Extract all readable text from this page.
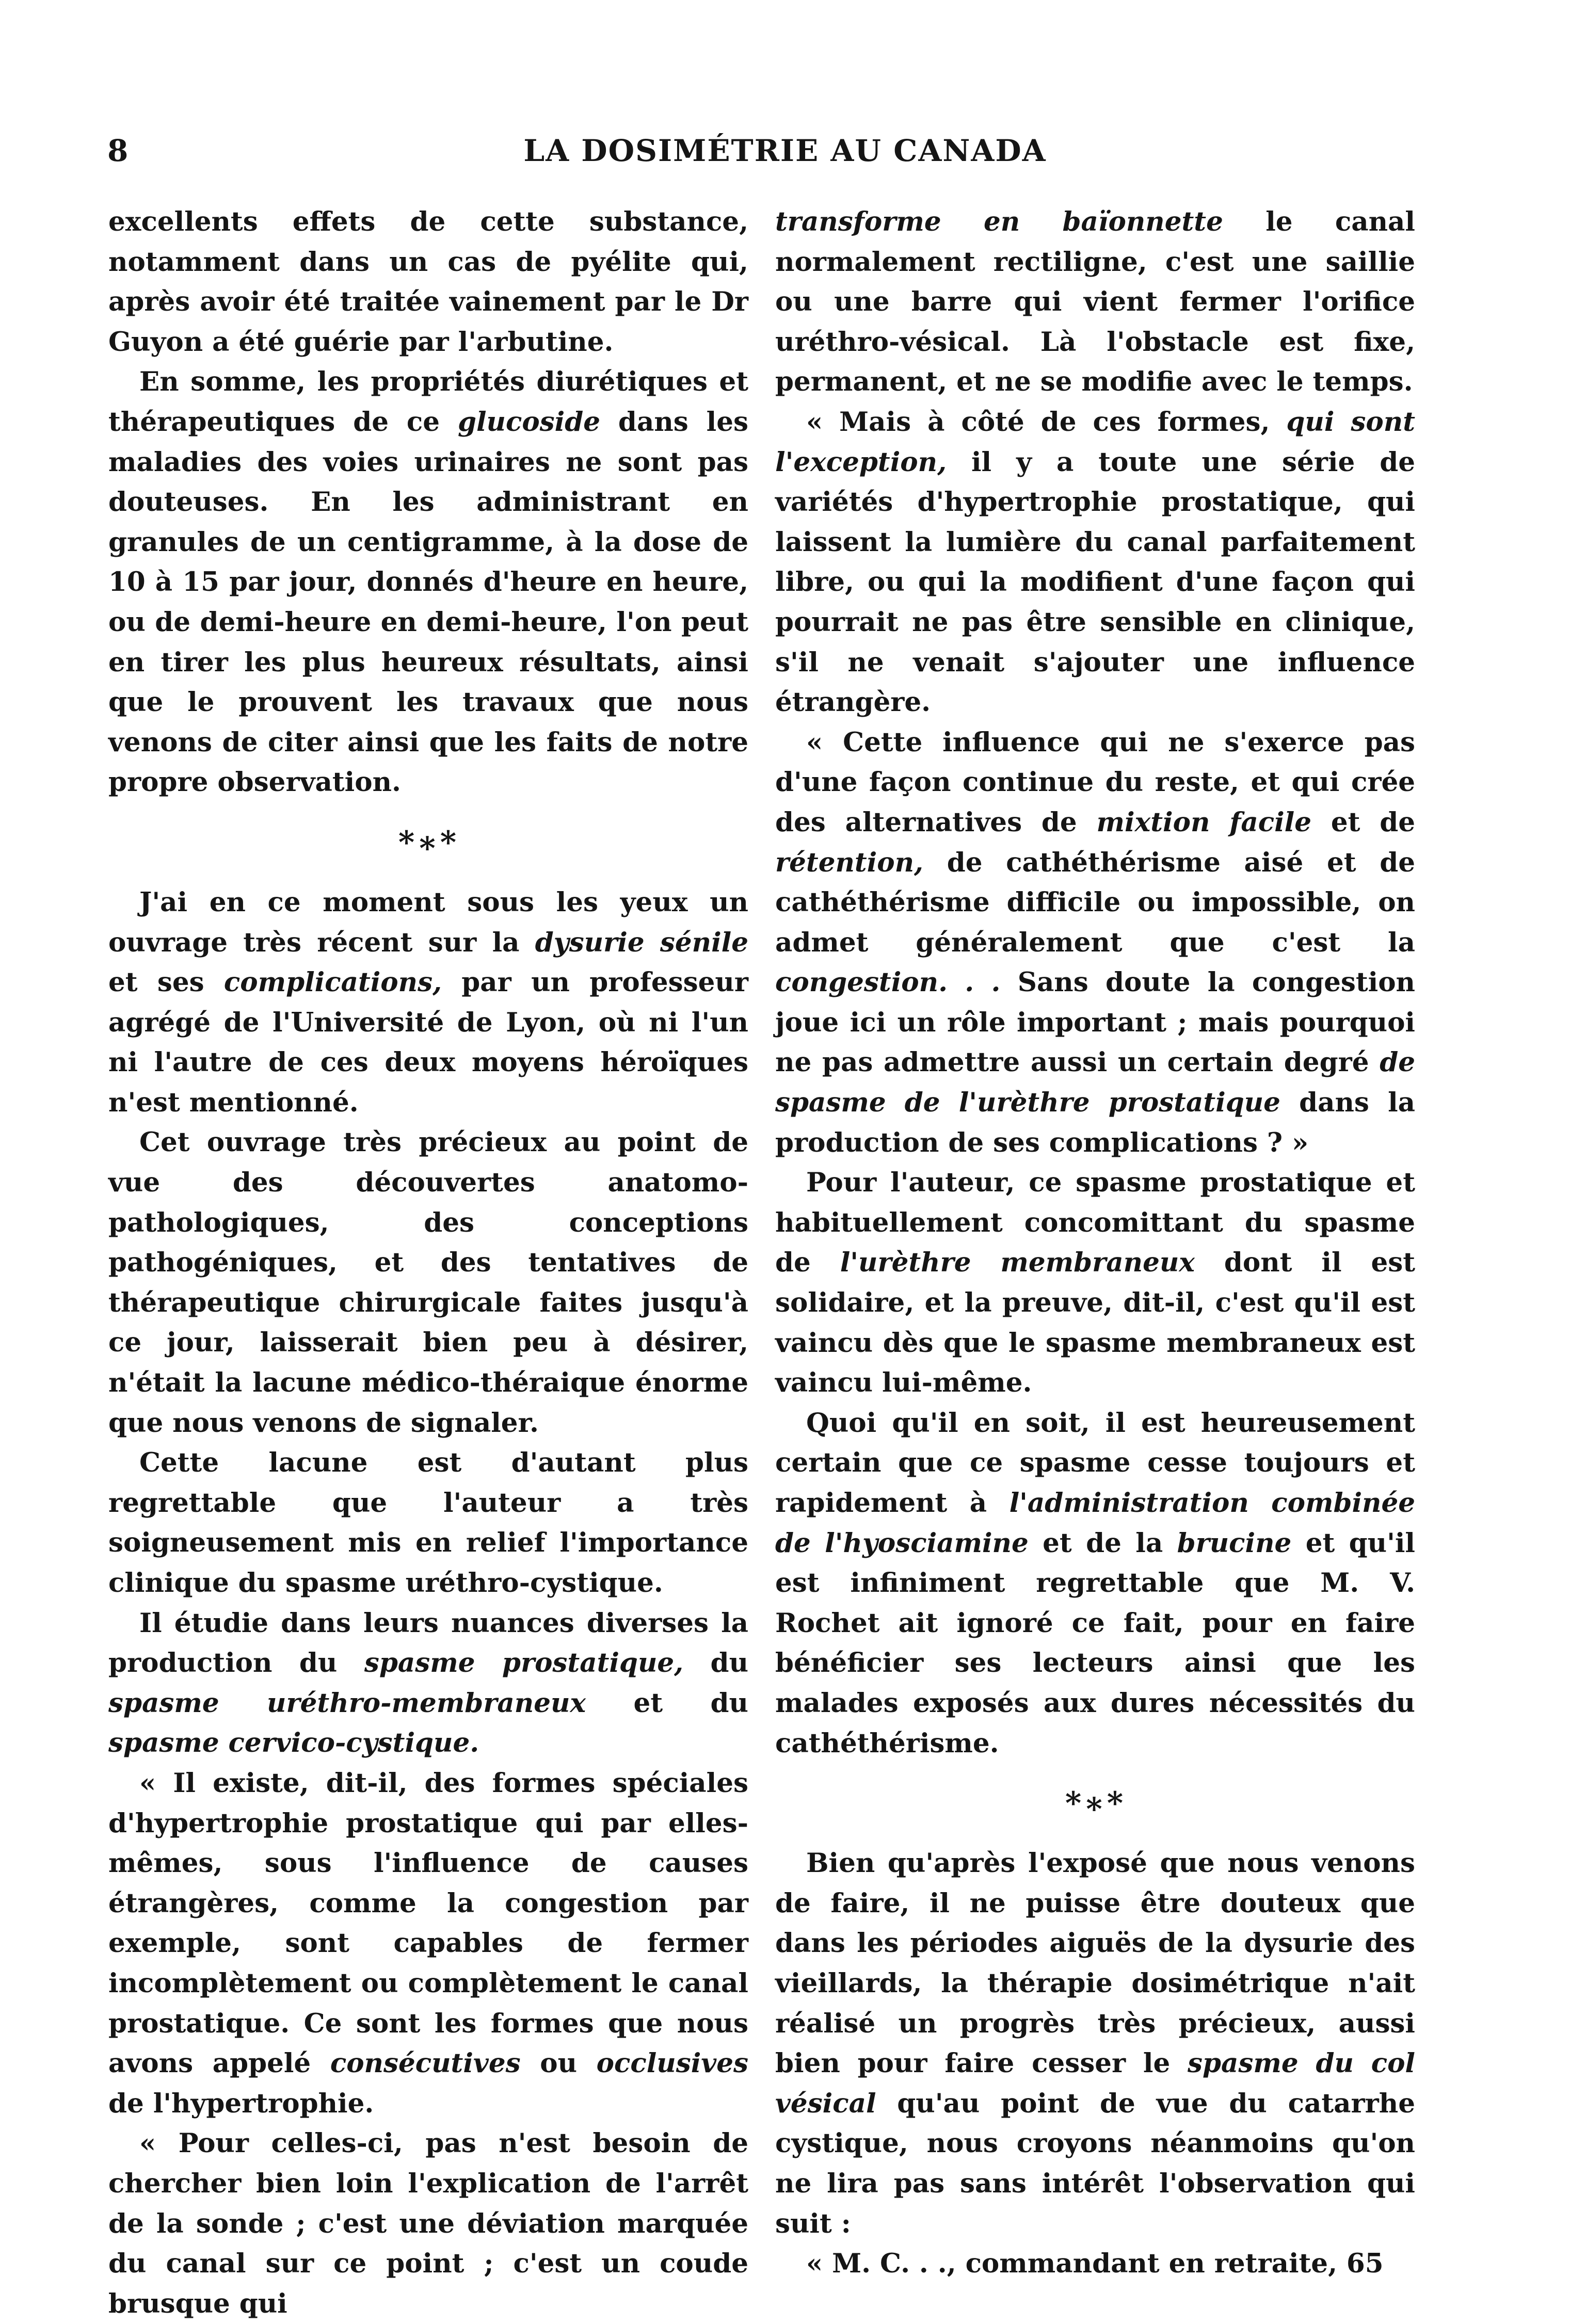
8	LA DOSIMÉTRIE AU CANADA

excellents effets de cette substance, notamment dans un cas de pyélite qui, après avoir été traitée vainement par le Dr Guyon a été guérie par l'arbutine.

En somme, les propriétés diurétiques et thérapeutiques de ce glucoside dans les maladies des voies urinaires ne sont pas douteuses. En les administrant en granules de un centigramme, à la dose de 10 à 15 par jour, donnés d'heure en heure, ou de demi-heure en demi-heure, l'on peut en tirer les plus heureux résultats, ainsi que le prouvent les travaux que nous venons de citer ainsi que les faits de notre propre observation.

*∗*

J'ai en ce moment sous les yeux un ouvrage très récent sur la dysurie sénile et ses complications, par un professeur agrégé de l'Université de Lyon, où ni l'un ni l'autre de ces deux moyens héroïques n'est mentionné.

Cet ouvrage très précieux au point de vue des découvertes anatomo-pathologiques, des conceptions pathogéniques, et des tentatives de thérapeutique chirurgicale faites jusqu'à ce jour, laisserait bien peu à désirer, n'était la lacune médico-théraique énorme que nous venons de signaler.

Cette lacune est d'autant plus regrettable que l'auteur a très soigneusement mis en relief l'importance clinique du spasme uréthro-cystique.

Il étudie dans leurs nuances diverses la production du spasme prostatique, du spasme uréthro-membraneux et du spasme cervico-cystique.

« Il existe, dit-il, des formes spéciales d'hypertrophie prostatique qui par elles-mêmes, sous l'influence de causes étrangères, comme la congestion par exemple, sont capables de fermer incomplètement ou complètement le canal prostatique. Ce sont les formes que nous avons appelé consécutives ou occlusives de l'hypertrophie.

« Pour celles-ci, pas n'est besoin de chercher bien loin l'explication de l'arrêt de la sonde ; c'est une déviation marquée du canal sur ce point ; c'est un coude brusque qui

transforme en baïonnette le canal normalement rectiligne, c'est une saillie ou une barre qui vient fermer l'orifice uréthro-vésical. Là l'obstacle est fixe, permanent, et ne se modifie avec le temps.

« Mais à côté de ces formes, qui sont l'exception, il y a toute une série de variétés d'hypertrophie prostatique, qui laissent la lumière du canal parfaitement libre, ou qui la modifient d'une façon qui pourrait ne pas être sensible en clinique, s'il ne venait s'ajouter une influence étrangère.

« Cette influence qui ne s'exerce pas d'une façon continue du reste, et qui crée des alternatives de mixtion facile et de rétention, de cathéthérisme aisé et de cathéthérisme difficile ou impossible, on admet généralement que c'est la congestion. . . Sans doute la congestion joue ici un rôle important ; mais pourquoi ne pas admettre aussi un certain degré de spasme de l'urèthre prostatique dans la production de ses complications ? »

Pour l'auteur, ce spasme prostatique et habituellement concomittant du spasme de l'urèthre membraneux dont il est solidaire, et la preuve, dit-il, c'est qu'il est vaincu dès que le spasme membraneux est vaincu lui-même.

Quoi qu'il en soit, il est heureusement certain que ce spasme cesse toujours et rapidement à l'administration combinée de l'hyosciamine et de la brucine et qu'il est infiniment regrettable que M. V. Rochet ait ignoré ce fait, pour en faire bénéficier ses lecteurs ainsi que les malades exposés aux dures nécessités du cathéthérisme.

*∗*

Bien qu'après l'exposé que nous venons de faire, il ne puisse être douteux que dans les périodes aiguës de la dysurie des vieillards, la thérapie dosimétrique n'ait réalisé un progrès très précieux, aussi bien pour faire cesser le spasme du col vésical qu'au point de vue du catarrhe cystique, nous croyons néanmoins qu'on ne lira pas sans intérêt l'observation qui suit :

« M. C. . ., commandant en retraite, 65
